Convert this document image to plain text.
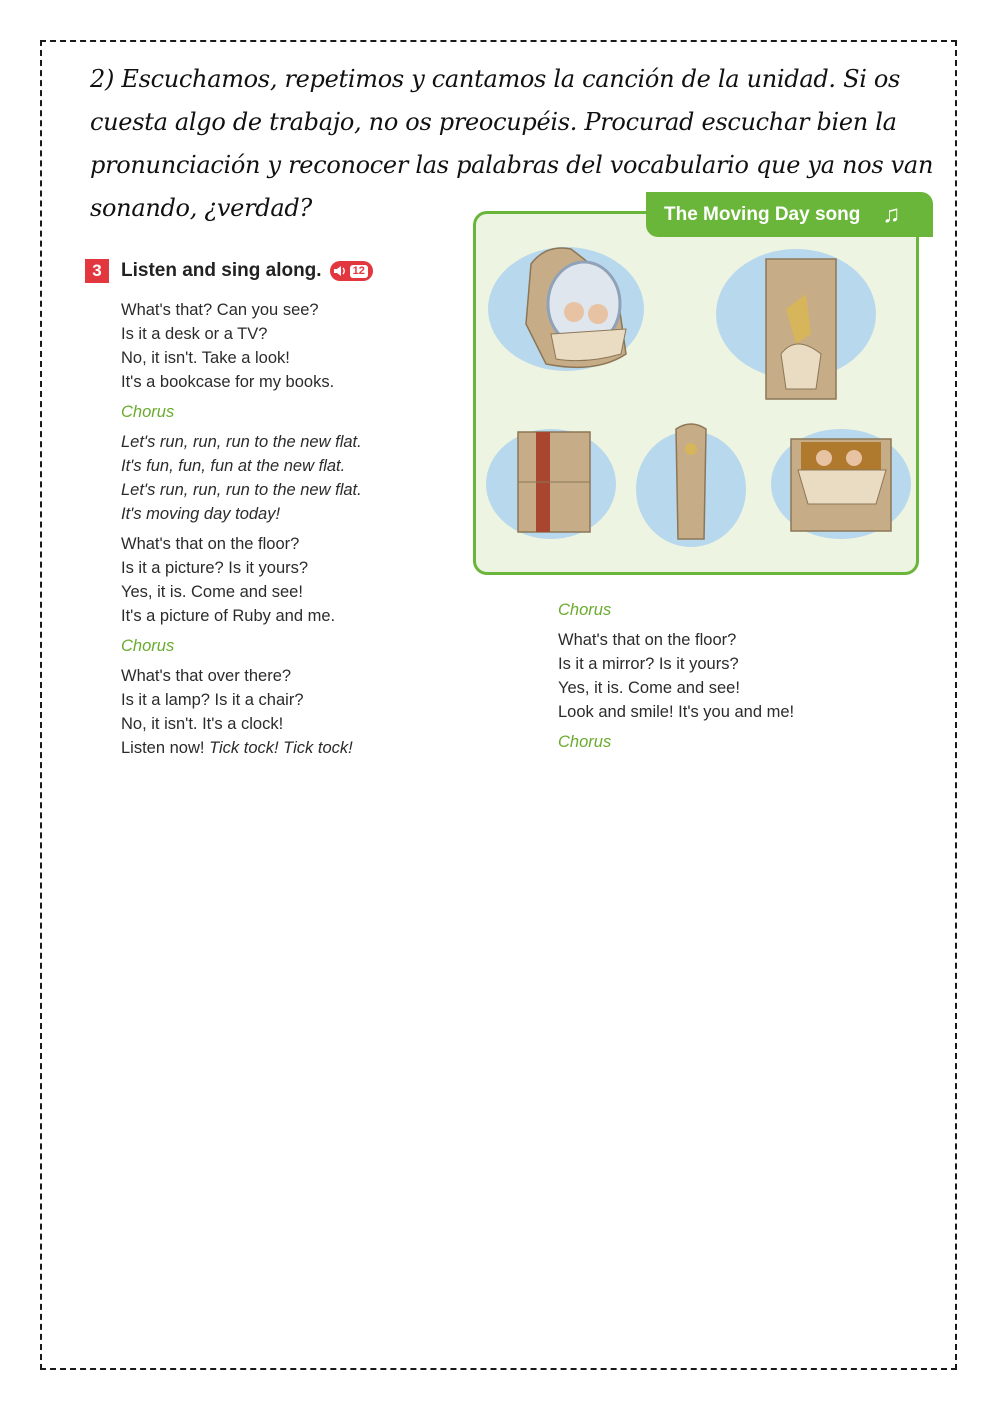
2) Escuchamos, repetimos y cantamos la canción de la unidad. Si os cuesta algo de trabajo, no os preocupéis. Procurad escuchar bien la pronunciación y reconocer las palabras del vocabulario que ya nos van sonando, ¿verdad?

3	Listen and sing along.	12
What's that? Can you see?
Is it a desk or a TV?
No, it isn't. Take a look!
It's a bookcase for my books.
Chorus
Let's run, run, run to the new flat.
It's fun, fun, fun at the new flat.
Let's run, run, run to the new flat.
It's moving day today!
What's that on the floor?
Is it a picture? Is it yours?
Yes, it is. Come and see!
It's a picture of Ruby and me.
Chorus
What's that over there?
Is it a lamp? Is it a chair?
No, it isn't. It's a clock!
Listen now! Tick tock! Tick tock!
The Moving Day song ♫
Chorus
What's that on the floor?
Is it a mirror? Is it yours?
Yes, it is. Come and see!
Look and smile! It's you and me!
Chorus
